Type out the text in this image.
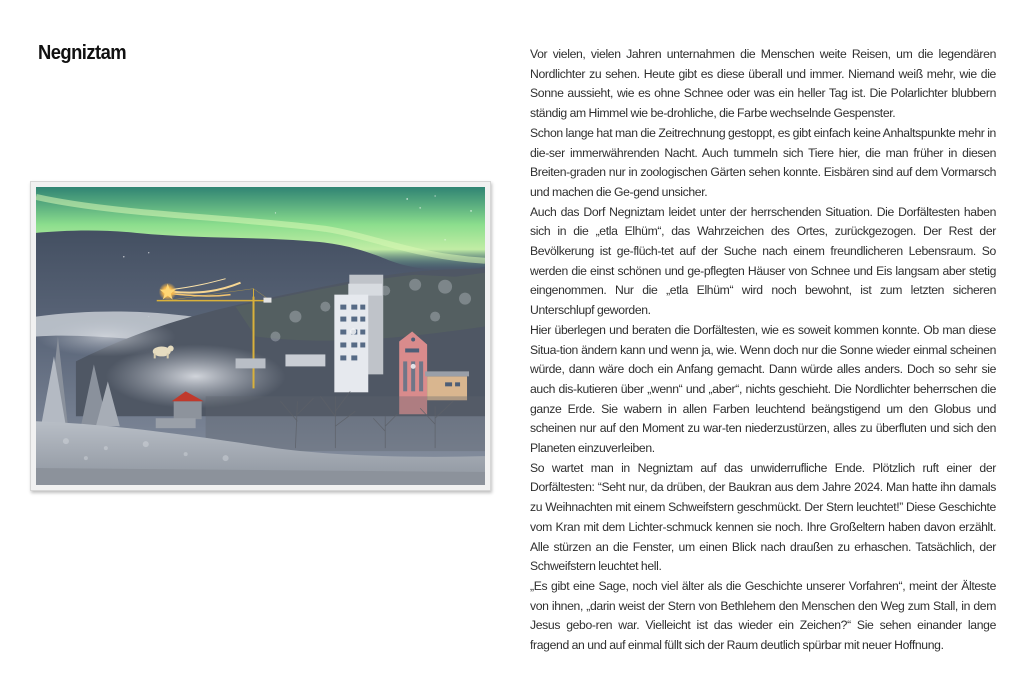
Negniztam	Vor vielen, vielen Jahren unternahmen die Menschen weite Reisen, um die legendären Nordlichter zu sehen. Heute gibt es diese überall und immer. Niemand weiß mehr, wie die Sonne aussieht, wie es ohne Schnee oder was ein heller Tag ist. Die Polarlichter blubbern ständig am Himmel wie be-drohliche, die Farbe wechselnde Gespenster.

Schon lange hat man die Zeitrechnung gestoppt, es gibt einfach keine Anhaltspunkte mehr in die-ser immerwährenden Nacht. Auch tummeln sich Tiere hier, die man früher in diesen Breiten-graden nur in zoologischen Gärten sehen konnte. Eisbären sind auf dem Vormarsch und machen die Ge-gend unsicher.

Auch das Dorf Negniztam leidet unter der herrschenden Situation. Die Dorfältesten haben sich in die „etla Elhüm“, das Wahrzeichen des Ortes, zurückgezogen. Der Rest der Bevölkerung ist ge-flüch-tet auf der Suche nach einem freundlicheren Lebensraum. So werden die einst schönen und ge-pflegten Häuser von Schnee und Eis langsam aber stetig eingenommen. Nur die „etla Elhüm“ wird noch bewohnt, ist zum letzten sicheren Unterschlupf geworden.

Hier überlegen und beraten die Dorfältesten, wie es soweit kommen konnte. Ob man diese Situa-tion ändern kann und wenn ja, wie. Wenn doch nur die Sonne wieder einmal scheinen würde, dann wäre doch ein Anfang gemacht. Dann würde alles anders. Doch so sehr sie auch dis-kutieren über „wenn“ und „aber“, nichts geschieht. Die Nordlichter beherrschen die ganze Erde. Sie wabern in allen Farben leuchtend beängstigend um den Globus und scheinen nur auf den Moment zu war-ten niederzustürzen, alles zu überfluten und sich den Planeten einzuverleiben.

So wartet man in Negniztam auf das unwiderrufliche Ende. Plötzlich ruft einer der Dorfältesten: “Seht nur, da drüben, der Baukran aus dem Jahre 2024. Man hatte ihn damals zu Weihnachten mit einem Schweifstern geschmückt. Der Stern leuchtet!” Diese Geschichte vom Kran mit dem Lichter-schmuck kennen sie noch. Ihre Großeltern haben davon erzählt. Alle stürzen an die Fenster, um einen Blick nach draußen zu erhaschen. Tatsächlich, der Schweifstern leuchtet hell.

„Es gibt eine Sage, noch viel älter als die Geschichte unserer Vorfahren“, meint der Älteste von ihnen, „darin weist der Stern von Bethlehem den Menschen den Weg zum Stall, in dem Jesus gebo-ren war. Vielleicht ist das wieder ein Zeichen?“ Sie sehen einander lange fragend an und auf einmal füllt sich der Raum deutlich spürbar mit neuer Hoffnung.
